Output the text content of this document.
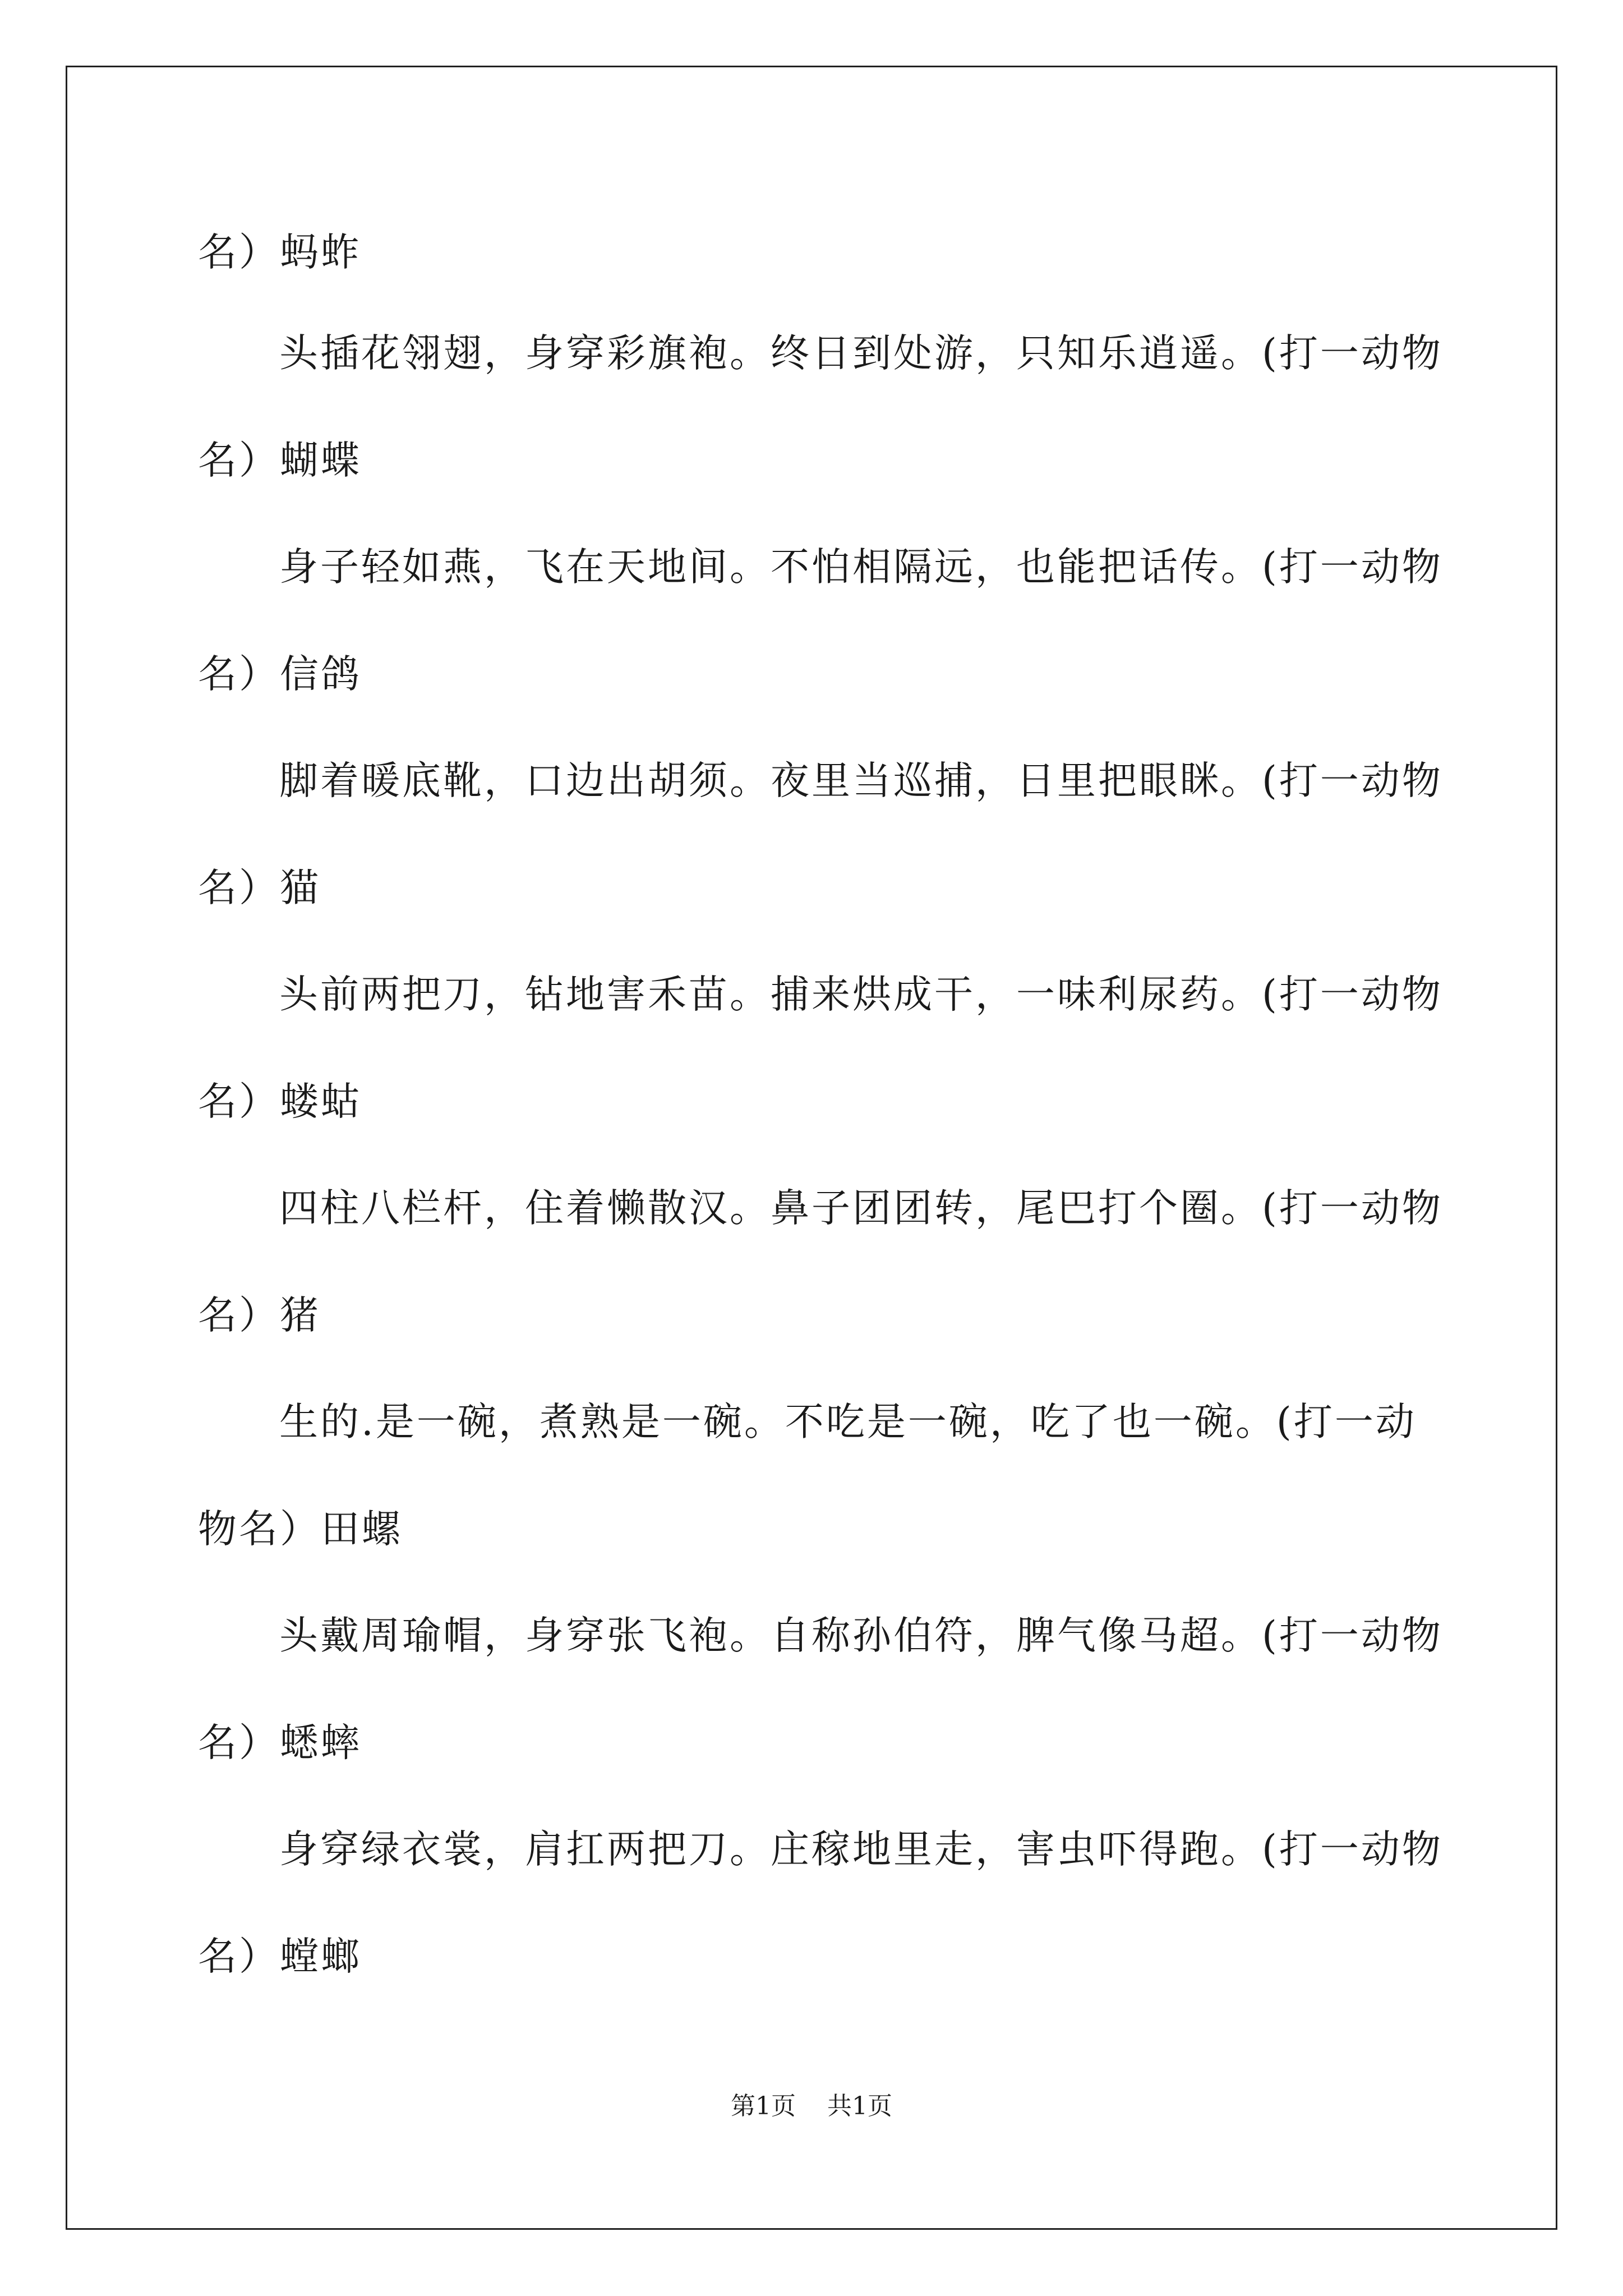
名）蚂蚱
头插花翎翅，身穿彩旗袍。终日到处游，只知乐逍遥。(打一动物
名）蝴蝶
身子轻如燕，飞在天地间。不怕相隔远，也能把话传。(打一动物
名）信鸽
脚着暖底靴，口边出胡须。夜里当巡捕，日里把眼眯。(打一动物
名）猫
头前两把刀，钻地害禾苗。捕来烘成干，一味利尿药。(打一动物
名）蝼蛄
四柱八栏杆，住着懒散汉。鼻子团团转，尾巴打个圈。(打一动物
名）猪
生的.是一碗，煮熟是一碗。不吃是一碗，吃了也一碗。(打一动
物名）田螺
头戴周瑜帽，身穿张飞袍。自称孙伯符，脾气像马超。(打一动物
名）蟋蟀
身穿绿衣裳，肩扛两把刀。庄稼地里走，害虫吓得跑。(打一动物
名）螳螂
第1页 共1页
